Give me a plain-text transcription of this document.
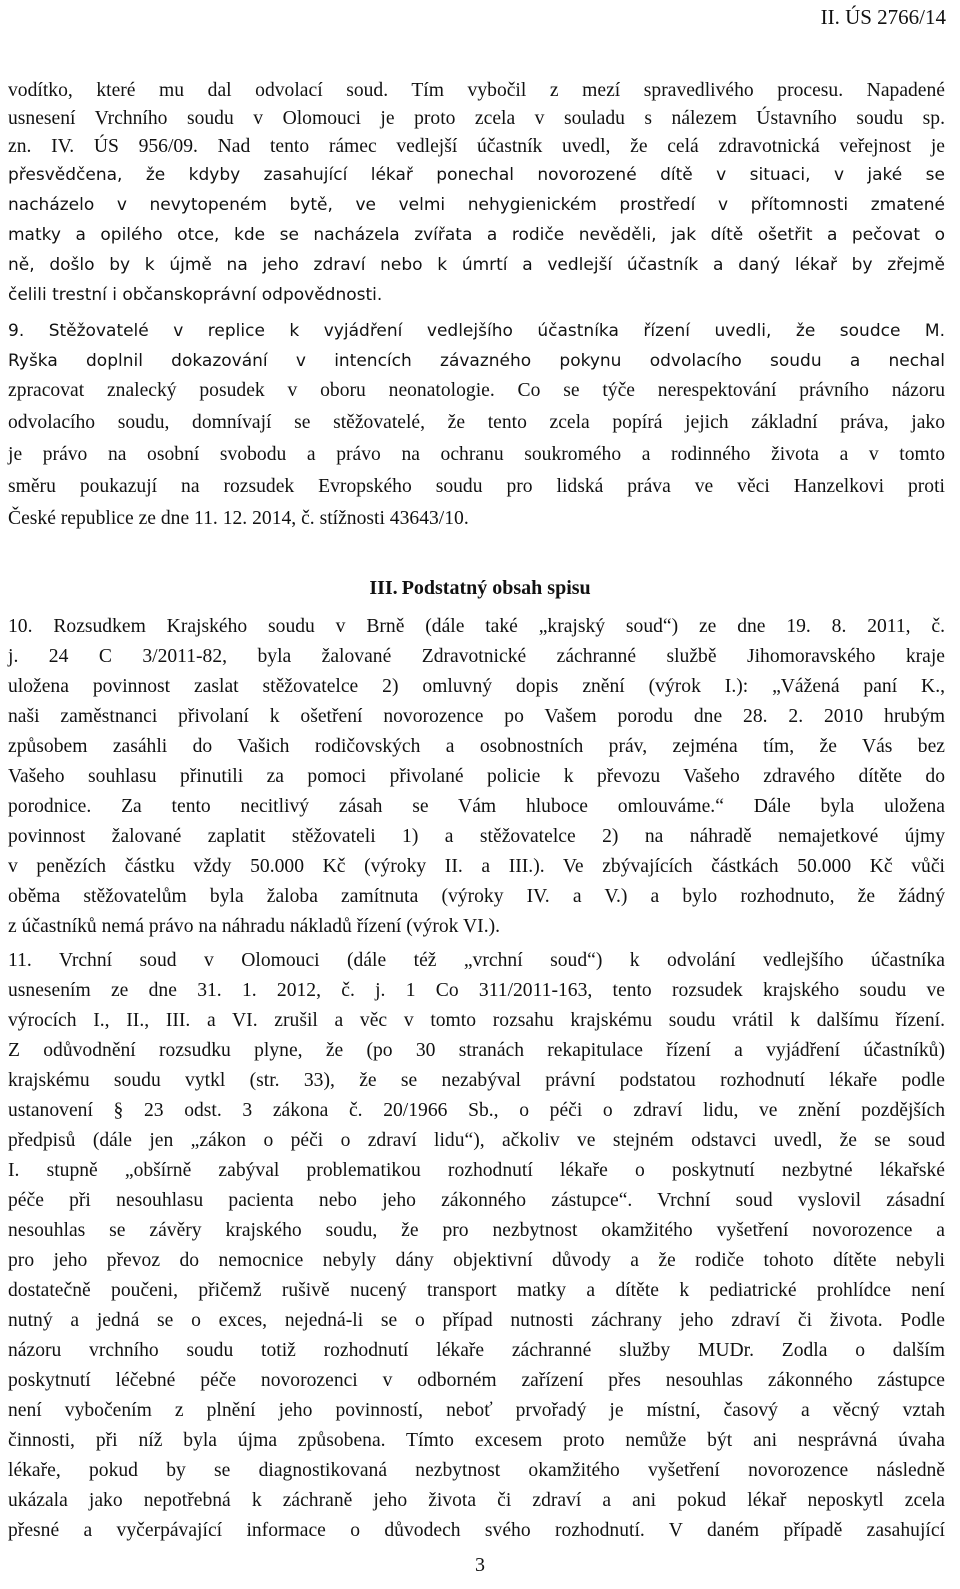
II. ÚS 2766/14
vodítko, které mu dal odvolací soud. Tím vybočil z mezí spravedlivého procesu. Napadené
usnesení Vrchního soudu v Olomouci je proto zcela v souladu s nálezem Ústavního soudu sp.
zn. IV. ÚS 956/09. Nad tento rámec vedlejší účastník uvedl, že celá zdravotnická veřejnost je
přesvědčena, že kdyby zasahující lékař ponechal novorozené dítě v situaci, v jaké se
nacházelo v nevytopeném bytě, ve velmi nehygienickém prostředí v přítomnosti zmatené
matky a opilého otce, kde se nacházela zvířata a rodiče nevěděli, jak dítě ošetřit a pečovat o
ně, došlo by k újmě na jeho zdraví nebo k úmrtí a vedlejší účastník a daný lékař by zřejmě
čelili trestní i občanskoprávní odpovědnosti.
9. Stěžovatelé v replice k vyjádření vedlejšího účastníka řízení uvedli, že soudce M.
Ryška doplnil dokazování v intencích závazného pokynu odvolacího soudu a nechal
zpracovat znalecký posudek v oboru neonatologie. Co se týče nerespektování právního názoru
odvolacího soudu, domnívají se stěžovatelé, že tento zcela popírá jejich základní práva, jako
je právo na osobní svobodu a právo na ochranu soukromého a rodinného života a v tomto
směru poukazují na rozsudek Evropského soudu pro lidská práva ve věci Hanzelkovi proti
České republice ze dne 11. 12. 2014, č. stížnosti 43643/10.
III. Podstatný obsah spisu
10. Rozsudkem Krajského soudu v Brně (dále také „krajský soud“) ze dne 19. 8. 2011, č.
j. 24 C 3/2011-82, byla žalované Zdravotnické záchranné službě Jihomoravského kraje
uložena povinnost zaslat stěžovatelce 2) omluvný dopis znění (výrok I.): „Vážená paní K.,
naši zaměstnanci přivolaní k ošetření novorozence po Vašem porodu dne 28. 2. 2010 hrubým
způsobem zasáhli do Vašich rodičovských a osobnostních práv, zejména tím, že Vás bez
Vašeho souhlasu přinutili za pomoci přivolané policie k převozu Vašeho zdravého dítěte do
porodnice. Za tento necitlivý zásah se Vám hluboce omlouváme.“ Dále byla uložena
povinnost žalované zaplatit stěžovateli 1) a stěžovatelce 2) na náhradě nemajetkové újmy
v penězích částku vždy 50.000 Kč (výroky II. a III.). Ve zbývajících částkách 50.000 Kč vůči
oběma stěžovatelům byla žaloba zamítnuta (výroky IV. a V.) a bylo rozhodnuto, že žádný
z účastníků nemá právo na náhradu nákladů řízení (výrok VI.).
11. Vrchní soud v Olomouci (dále též „vrchní soud“) k odvolání vedlejšího účastníka
usnesením ze dne 31. 1. 2012, č. j. 1 Co 311/2011-163, tento rozsudek krajského soudu ve
výrocích I., II., III. a VI. zrušil a věc v tomto rozsahu krajskému soudu vrátil k dalšímu řízení.
Z odůvodnění rozsudku plyne, že (po 30 stranách rekapitulace řízení a vyjádření účastníků)
krajskému soudu vytkl (str. 33), že se nezabýval právní podstatou rozhodnutí lékaře podle
ustanovení § 23 odst. 3 zákona č. 20/1966 Sb., o péči o zdraví lidu, ve znění pozdějších
předpisů (dále jen „zákon o péči o zdraví lidu“), ačkoliv ve stejném odstavci uvedl, že se soud
I. stupně „obšírně zabýval problematikou rozhodnutí lékaře o poskytnutí nezbytné lékařské
péče při nesouhlasu pacienta nebo jeho zákonného zástupce“. Vrchní soud vyslovil zásadní
nesouhlas se závěry krajského soudu, že pro nezbytnost okamžitého vyšetření novorozence a
pro jeho převoz do nemocnice nebyly dány objektivní důvody a že rodiče tohoto dítěte nebyli
dostatečně poučeni, přičemž rušivě nucený transport matky a dítěte k pediatrické prohlídce není
nutný a jedná se o exces, nejedná-li se o případ nutnosti záchrany jeho zdraví či života. Podle
názoru vrchního soudu totiž rozhodnutí lékaře záchranné služby MUDr. Zodla o dalším
poskytnutí léčebné péče novorozenci v odborném zařízení přes nesouhlas zákonného zástupce
není vybočením z plnění jeho povinností, neboť prvořadý je místní, časový a věcný vztah
činnosti, při níž byla újma způsobena. Tímto excesem proto nemůže být ani nesprávná úvaha
lékaře, pokud by se diagnostikovaná nezbytnost okamžitého vyšetření novorozence následně
ukázala jako nepotřebná k záchraně jeho života či zdraví a ani pokud lékař neposkytl zcela
přesné a vyčerpávající informace o důvodech svého rozhodnutí. V daném případě zasahující
3
